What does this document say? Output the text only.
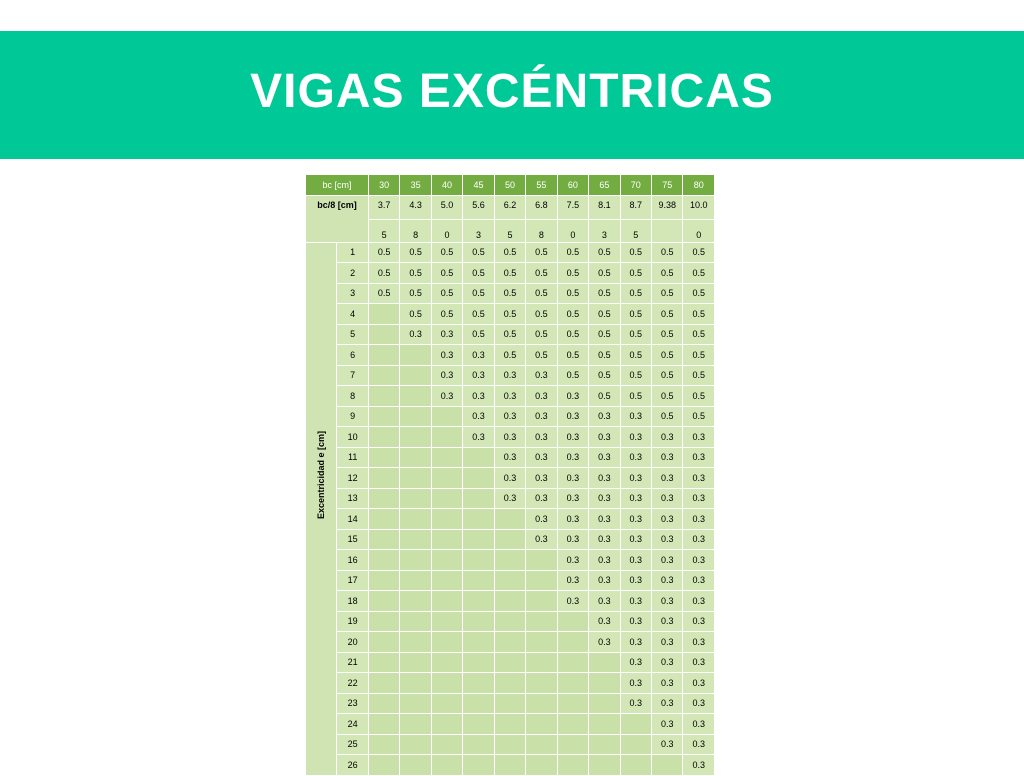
VIGAS EXCÉNTRICAS
bc [cm]		30	35	40	45	50	55	60	65	70	75	80
bc/8 [cm]		3.7	4.3	5.0	5.6	6.2	6.8	7.5	8.1	8.7	9.38	10.0
		5	8	0	3	5	8	0	3	5		0

Excentricidad e [cm]	1	0.5	0.5	0.5	0.5	0.5	0.5	0.5	0.5	0.5	0.5	0.5
	2	0.5	0.5	0.5	0.5	0.5	0.5	0.5	0.5	0.5	0.5	0.5
	3	0.5	0.5	0.5	0.5	0.5	0.5	0.5	0.5	0.5	0.5	0.5
	4		0.5	0.5	0.5	0.5	0.5	0.5	0.5	0.5	0.5	0.5
	5		0.3	0.3	0.5	0.5	0.5	0.5	0.5	0.5	0.5	0.5
	6			0.3	0.3	0.5	0.5	0.5	0.5	0.5	0.5	0.5
	7			0.3	0.3	0.3	0.3	0.5	0.5	0.5	0.5	0.5
	8			0.3	0.3	0.3	0.3	0.3	0.5	0.5	0.5	0.5
	9				0.3	0.3	0.3	0.3	0.3	0.3	0.5	0.5
	10				0.3	0.3	0.3	0.3	0.3	0.3	0.3	0.3
	11					0.3	0.3	0.3	0.3	0.3	0.3	0.3
	12					0.3	0.3	0.3	0.3	0.3	0.3	0.3
	13					0.3	0.3	0.3	0.3	0.3	0.3	0.3
	14						0.3	0.3	0.3	0.3	0.3	0.3
	15						0.3	0.3	0.3	0.3	0.3	0.3
	16							0.3	0.3	0.3	0.3	0.3
	17							0.3	0.3	0.3	0.3	0.3
	18							0.3	0.3	0.3	0.3	0.3
	19								0.3	0.3	0.3	0.3
	20								0.3	0.3	0.3	0.3
	21									0.3	0.3	0.3
	22									0.3	0.3	0.3
	23									0.3	0.3	0.3
	24										0.3	0.3
	25										0.3	0.3
	26											0.3
